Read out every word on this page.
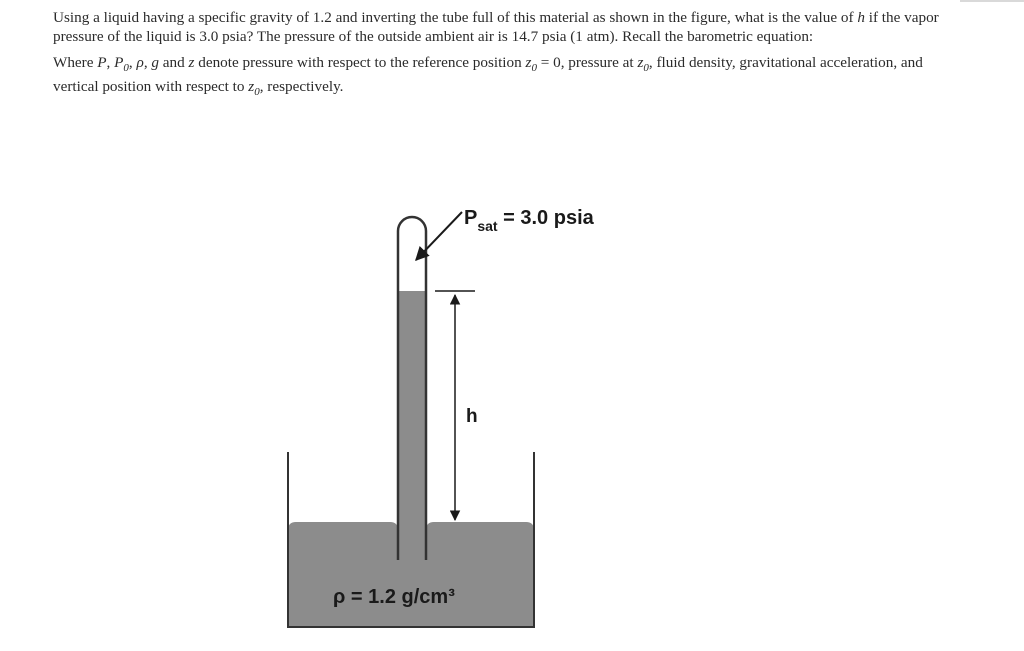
Using a liquid having a specific gravity of 1.2 and inverting the tube full of this material as shown in the figure, what is the value of h if the vapor pressure of the liquid is 3.0 psia? The pressure of the outside ambient air is 14.7 psia (1 atm). Recall the barometric equation:

Where P, $P_0$, ρ, g and z denote pressure with respect to the reference position $z_0 = 0$, pressure at $z_0$, fluid density, gravitational acceleration, and vertical position with respect to $z_0$, respectively.

$P_{sat} = 3.0$ psia
h
ρ = 1.2 g/cm³
